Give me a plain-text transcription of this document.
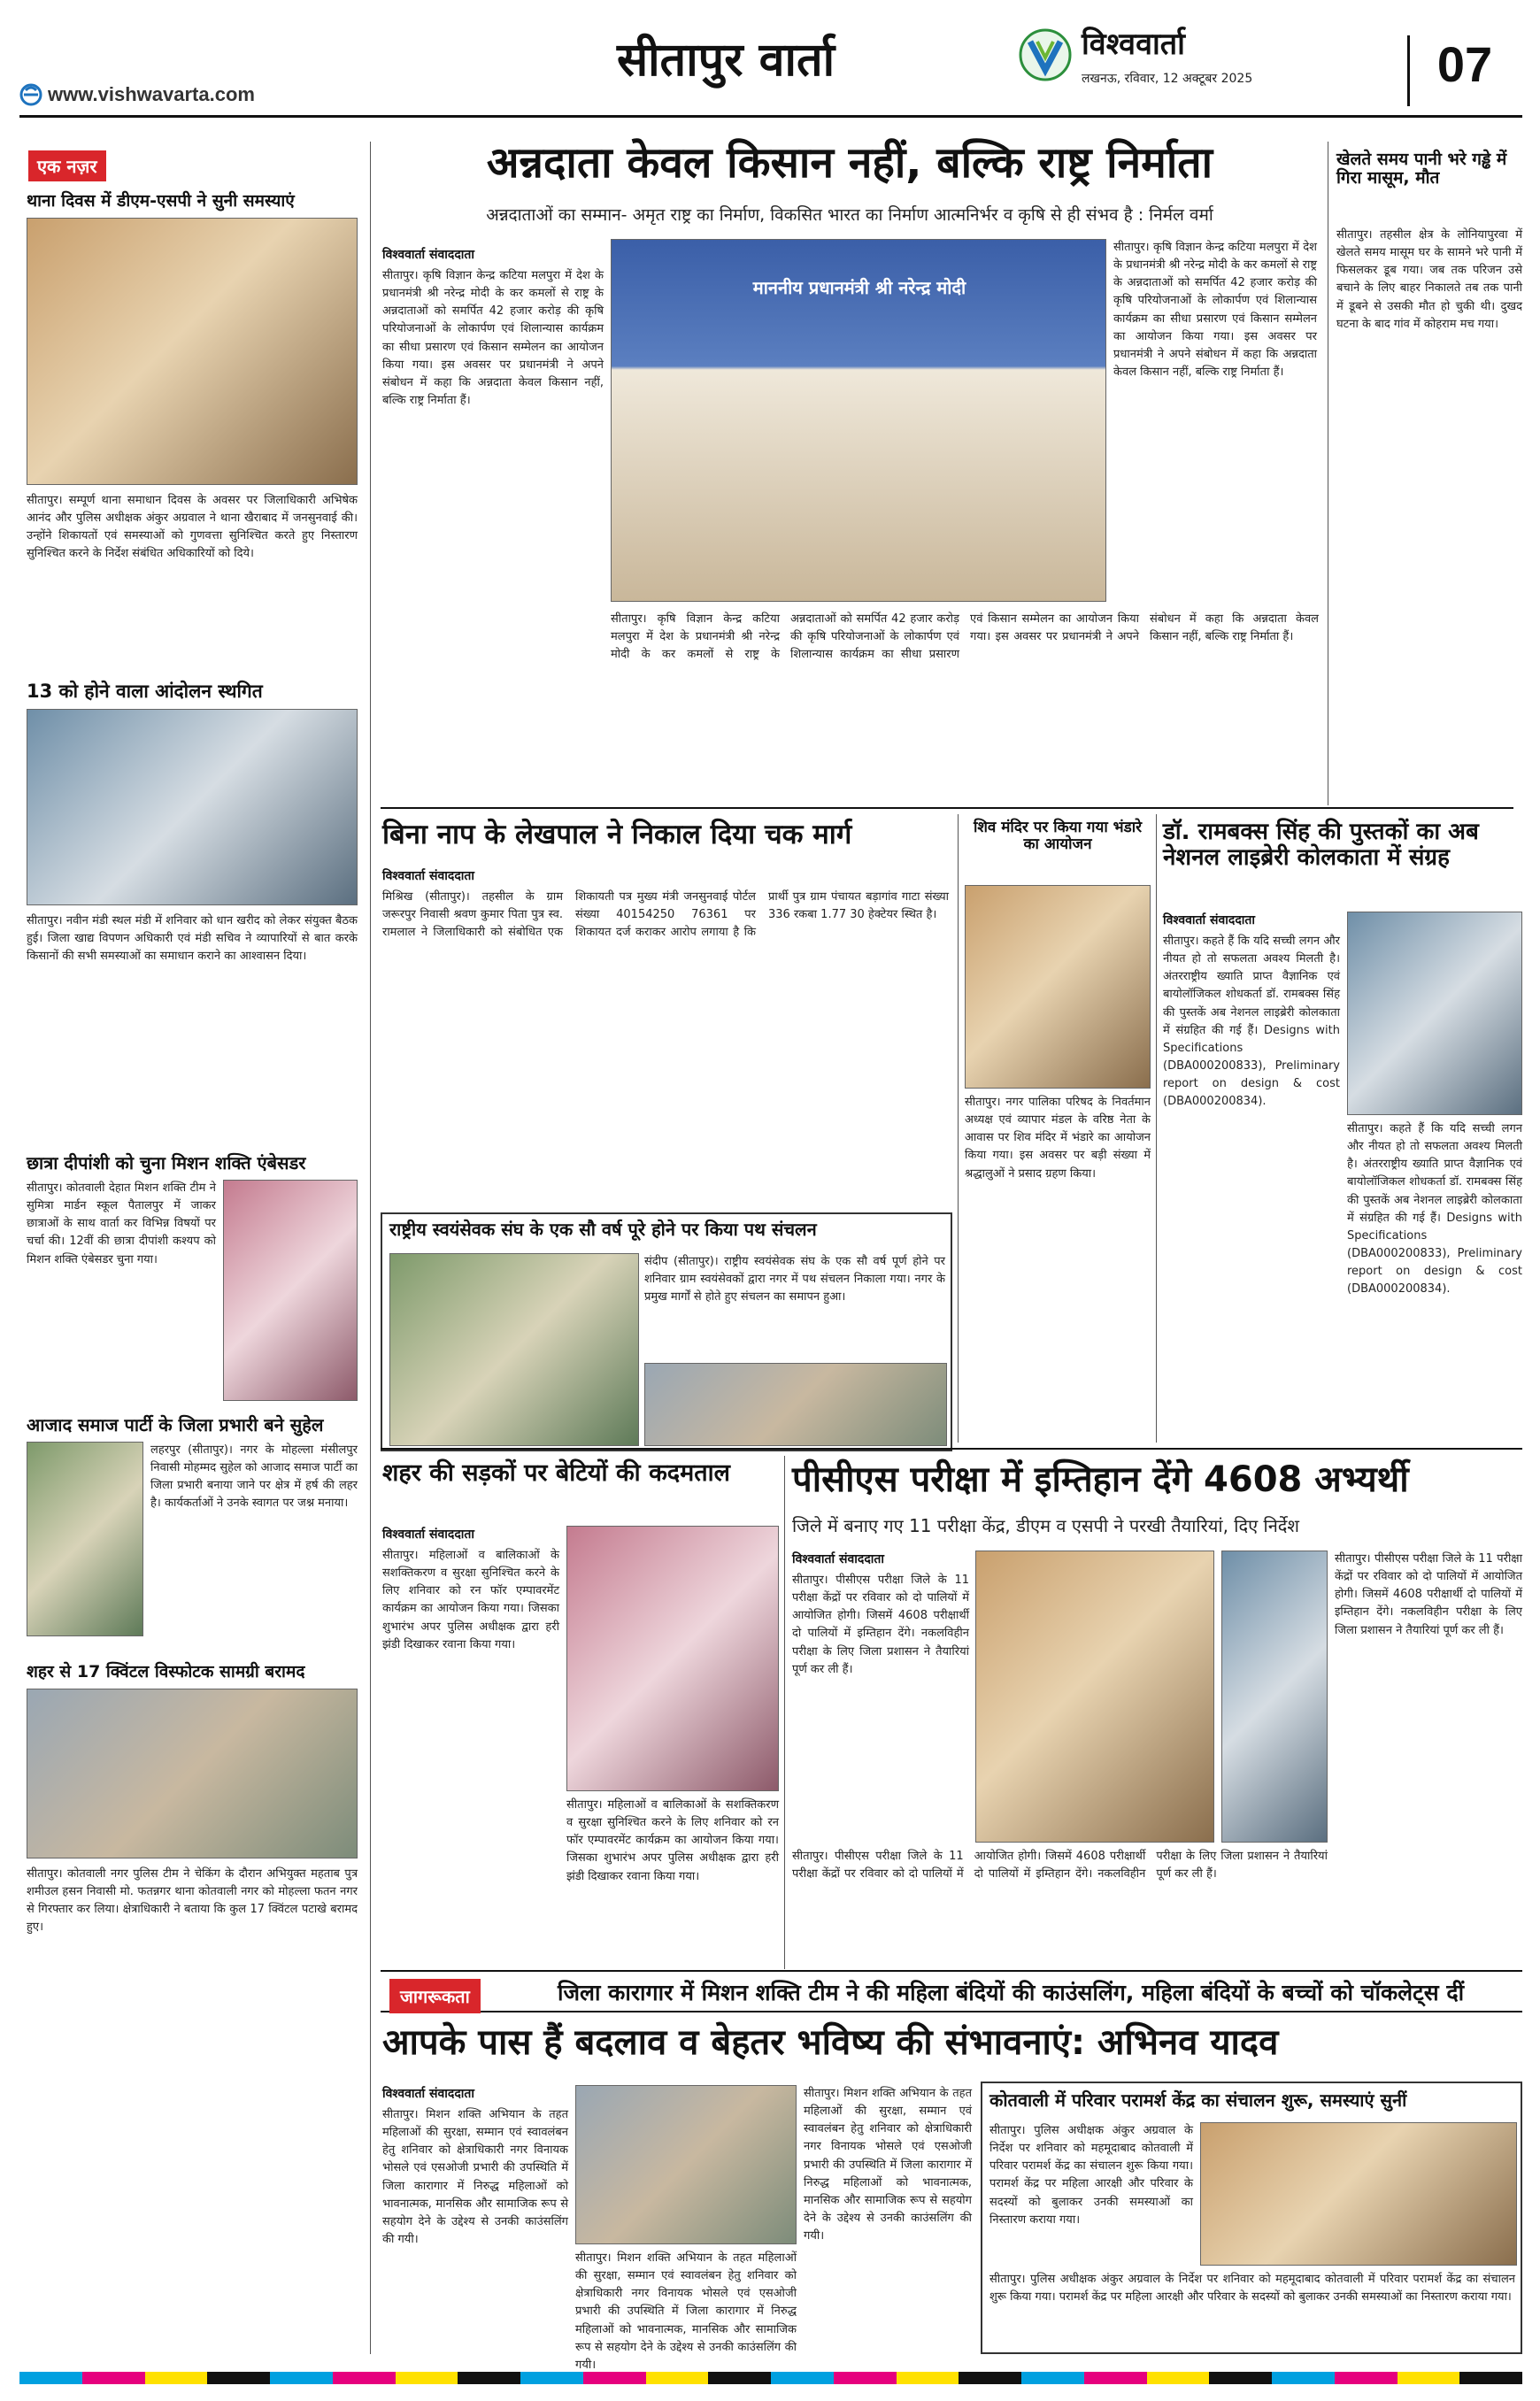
www.vishwavarta.com
सीतापुर वार्ता	विश्ववार्ता
लखनऊ, रविवार, 12 अक्टूबर 2025	07
एक नज़र
थाना दिवस में डीएम-एसपी ने सुनी समस्याएं
सीतापुर। सम्पूर्ण थाना समाधान दिवस के अवसर पर जिलाधिकारी अभिषेक आनंद और पुलिस अधीक्षक अंकुर अग्रवाल ने थाना खैराबाद में जनसुनवाई की। उन्होंने शिकायतों एवं समस्याओं को गुणवत्ता सुनिश्चित करते हुए निस्तारण सुनिश्चित करने के निर्देश संबंधित अधिकारियों को दिये।
13 को होने वाला आंदोलन स्थगित
सीतापुर। नवीन मंडी स्थल मंडी में शनिवार को धान खरीद को लेकर संयुक्त बैठक हुई। जिला खाद्य विपणन अधिकारी एवं मंडी सचिव ने व्यापारियों से बात करके किसानों की सभी समस्याओं का समाधान कराने का आश्वासन दिया।
छात्रा दीपांशी को चुना मिशन शक्ति एंबेसडर
सीतापुर। कोतवाली देहात मिशन शक्ति टीम ने सुमित्रा मार्डन स्कूल पैतालपुर में जाकर छात्राओं के साथ वार्ता कर विभिन्न विषयों पर चर्चा की। 12वीं की छात्रा दीपांशी कश्यप को मिशन शक्ति एंबेसडर चुना गया।
आजाद समाज पार्टी के जिला प्रभारी बने सुहेल
लहरपुर (सीतापुर)। नगर के मोहल्ला मंसीलपुर निवासी मोहम्मद सुहेल को आजाद समाज पार्टी का जिला प्रभारी बनाया जाने पर क्षेत्र में हर्ष की लहर है। कार्यकर्ताओं ने उनके स्वागत पर जश्न मनाया।
शहर से 17 क्विंटल विस्फोटक सामग्री बरामद
सीतापुर। कोतवाली नगर पुलिस टीम ने चेकिंग के दौरान अभियुक्त महताब पुत्र शमीउल हसन निवासी मो. फतन्नगर थाना कोतवाली नगर को मोहल्ला फतन नगर से गिरफ्तार कर लिया। क्षेत्राधिकारी ने बताया कि कुल 17 क्विंटल पटाखे बरामद हुए।
अन्नदाता केवल किसान नहीं, बल्कि राष्ट्र निर्माता
अन्नदाताओं का सम्मान- अमृत राष्ट्र का निर्माण, विकसित भारत का निर्माण आत्मनिर्भर व कृषि से ही संभव है : निर्मल वर्मा
विश्ववार्ता संवाददाता
सीतापुर। कृषि विज्ञान केन्द्र कटिया मलपुरा में देश के प्रधानमंत्री श्री नरेन्द्र मोदी के कर कमलों से राष्ट्र के अन्नदाताओं को समर्पित 42 हजार करोड़ की कृषि परियोजनाओं के लोकार्पण एवं शिलान्यास कार्यक्रम का सीधा प्रसारण एवं किसान सम्मेलन का आयोजन किया गया। इस अवसर पर प्रधानमंत्री ने अपने संबोधन में कहा कि अन्नदाता केवल किसान नहीं, बल्कि राष्ट्र निर्माता हैं।
माननीय प्रधानमंत्री श्री नरेन्द्र मोदी
सीतापुर। कृषि विज्ञान केन्द्र कटिया मलपुरा में देश के प्रधानमंत्री श्री नरेन्द्र मोदी के कर कमलों से राष्ट्र के अन्नदाताओं को समर्पित 42 हजार करोड़ की कृषि परियोजनाओं के लोकार्पण एवं शिलान्यास कार्यक्रम का सीधा प्रसारण एवं किसान सम्मेलन का आयोजन किया गया। इस अवसर पर प्रधानमंत्री ने अपने संबोधन में कहा कि अन्नदाता केवल किसान नहीं, बल्कि राष्ट्र निर्माता हैं।
सीतापुर। कृषि विज्ञान केन्द्र कटिया मलपुरा में देश के प्रधानमंत्री श्री नरेन्द्र मोदी के कर कमलों से राष्ट्र के अन्नदाताओं को समर्पित 42 हजार करोड़ की कृषि परियोजनाओं के लोकार्पण एवं शिलान्यास कार्यक्रम का सीधा प्रसारण एवं किसान सम्मेलन का आयोजन किया गया। इस अवसर पर प्रधानमंत्री ने अपने संबोधन में कहा कि अन्नदाता केवल किसान नहीं, बल्कि राष्ट्र निर्माता हैं।
खेलते समय पानी भरे गड्ढे में गिरा मासूम, मौत
सीतापुर। तहसील क्षेत्र के लोनियापुरवा में खेलते समय मासूम घर के सामने भरे पानी में फिसलकर डूब गया। जब तक परिजन उसे बचाने के लिए बाहर निकालते तब तक पानी में डूबने से उसकी मौत हो चुकी थी। दुखद घटना के बाद गांव में कोहराम मच गया।
बिना नाप के लेखपाल ने निकाल दिया चक मार्ग
विश्ववार्ता संवाददाता
मिश्रिख (सीतापुर)। तहसील के ग्राम जरूरपुर निवासी श्रवण कुमार पिता पुत्र स्व. रामलाल ने जिलाधिकारी को संबोधित एक शिकायती पत्र मुख्य मंत्री जनसुनवाई पोर्टल संख्या 40154250 76361 पर शिकायत दर्ज कराकर आरोप लगाया है कि प्रार्थी पुत्र ग्राम पंचायत बड़ागांव गाटा संख्या 336 रकबा 1.77 30 हेक्टेयर स्थित है।
शिव मंदिर पर किया गया भंडारे का आयोजन
सीतापुर। नगर पालिका परिषद के निवर्तमान अध्यक्ष एवं व्यापार मंडल के वरिष्ठ नेता के आवास पर शिव मंदिर में भंडारे का आयोजन किया गया। इस अवसर पर बड़ी संख्या में श्रद्धालुओं ने प्रसाद ग्रहण किया।
डॉ. रामबक्स सिंह की पुस्तकों का अब नेशनल लाइब्रेरी कोलकाता में संग्रह
विश्ववार्ता संवाददाता
सीतापुर। कहते हैं कि यदि सच्ची लगन और नीयत हो तो सफलता अवश्य मिलती है। अंतरराष्ट्रीय ख्याति प्राप्त वैज्ञानिक एवं बायोलॉजिकल शोधकर्ता डॉ. रामबक्स सिंह की पुस्तकें अब नेशनल लाइब्रेरी कोलकाता में संग्रहित की गई हैं। Designs with Specifications (DBA000200833), Preliminary report on design & cost (DBA000200834).
सीतापुर। कहते हैं कि यदि सच्ची लगन और नीयत हो तो सफलता अवश्य मिलती है। अंतरराष्ट्रीय ख्याति प्राप्त वैज्ञानिक एवं बायोलॉजिकल शोधकर्ता डॉ. रामबक्स सिंह की पुस्तकें अब नेशनल लाइब्रेरी कोलकाता में संग्रहित की गई हैं। Designs with Specifications (DBA000200833), Preliminary report on design & cost (DBA000200834).
राष्ट्रीय स्वयंसेवक संघ के एक सौ वर्ष पूरे होने पर किया पथ संचलन
संदीप (सीतापुर)। राष्ट्रीय स्वयंसेवक संघ के एक सौ वर्ष पूर्ण होने पर शनिवार ग्राम स्वयंसेवकों द्वारा नगर में पथ संचलन निकाला गया। नगर के प्रमुख मार्गों से होते हुए संचलन का समापन हुआ।
शहर की सड़कों पर बेटियों की कदमताल
विश्ववार्ता संवाददाता
सीतापुर। महिलाओं व बालिकाओं के सशक्तिकरण व सुरक्षा सुनिश्चित करने के लिए शनिवार को रन फॉर एम्पावरमेंट कार्यक्रम का आयोजन किया गया। जिसका शुभारंभ अपर पुलिस अधीक्षक द्वारा हरी झंडी दिखाकर रवाना किया गया।
सीतापुर। महिलाओं व बालिकाओं के सशक्तिकरण व सुरक्षा सुनिश्चित करने के लिए शनिवार को रन फॉर एम्पावरमेंट कार्यक्रम का आयोजन किया गया। जिसका शुभारंभ अपर पुलिस अधीक्षक द्वारा हरी झंडी दिखाकर रवाना किया गया।
पीसीएस परीक्षा में इम्तिहान देंगे 4608 अभ्यर्थी
जिले में बनाए गए 11 परीक्षा केंद्र, डीएम व एसपी ने परखी तैयारियां, दिए निर्देश
विश्ववार्ता संवाददाता
सीतापुर। पीसीएस परीक्षा जिले के 11 परीक्षा केंद्रों पर रविवार को दो पालियों में आयोजित होगी। जिसमें 4608 परीक्षार्थी दो पालियों में इम्तिहान देंगे। नकलविहीन परीक्षा के लिए जिला प्रशासन ने तैयारियां पूर्ण कर ली हैं।
सीतापुर। पीसीएस परीक्षा जिले के 11 परीक्षा केंद्रों पर रविवार को दो पालियों में आयोजित होगी। जिसमें 4608 परीक्षार्थी दो पालियों में इम्तिहान देंगे। नकलविहीन परीक्षा के लिए जिला प्रशासन ने तैयारियां पूर्ण कर ली हैं।
सीतापुर। पीसीएस परीक्षा जिले के 11 परीक्षा केंद्रों पर रविवार को दो पालियों में आयोजित होगी। जिसमें 4608 परीक्षार्थी दो पालियों में इम्तिहान देंगे। नकलविहीन परीक्षा के लिए जिला प्रशासन ने तैयारियां पूर्ण कर ली हैं।
जागरूकता	जिला कारागार में मिशन शक्ति टीम ने की महिला बंदियों की काउंसलिंग, महिला बंदियों के बच्चों को चॉकलेट्स दीं
आपके पास हैं बदलाव व बेहतर भविष्य की संभावनाएं: अभिनव यादव
विश्ववार्ता संवाददाता
सीतापुर। मिशन शक्ति अभियान के तहत महिलाओं की सुरक्षा, सम्मान एवं स्वावलंबन हेतु शनिवार को क्षेत्राधिकारी नगर विनायक भोसले एवं एसओजी प्रभारी की उपस्थिति में जिला कारागार में निरुद्ध महिलाओं को भावनात्मक, मानसिक और सामाजिक रूप से सहयोग देने के उद्देश्य से उनकी काउंसलिंग की गयी।
सीतापुर। मिशन शक्ति अभियान के तहत महिलाओं की सुरक्षा, सम्मान एवं स्वावलंबन हेतु शनिवार को क्षेत्राधिकारी नगर विनायक भोसले एवं एसओजी प्रभारी की उपस्थिति में जिला कारागार में निरुद्ध महिलाओं को भावनात्मक, मानसिक और सामाजिक रूप से सहयोग देने के उद्देश्य से उनकी काउंसलिंग की गयी।
सीतापुर। मिशन शक्ति अभियान के तहत महिलाओं की सुरक्षा, सम्मान एवं स्वावलंबन हेतु शनिवार को क्षेत्राधिकारी नगर विनायक भोसले एवं एसओजी प्रभारी की उपस्थिति में जिला कारागार में निरुद्ध महिलाओं को भावनात्मक, मानसिक और सामाजिक रूप से सहयोग देने के उद्देश्य से उनकी काउंसलिंग की गयी।
कोतवाली में परिवार परामर्श केंद्र का संचालन शुरू, समस्याएं सुनीं
सीतापुर। पुलिस अधीक्षक अंकुर अग्रवाल के निर्देश पर शनिवार को महमूदाबाद कोतवाली में परिवार परामर्श केंद्र का संचालन शुरू किया गया। परामर्श केंद्र पर महिला आरक्षी और परिवार के सदस्यों को बुलाकर उनकी समस्याओं का निस्तारण कराया गया।
सीतापुर। पुलिस अधीक्षक अंकुर अग्रवाल के निर्देश पर शनिवार को महमूदाबाद कोतवाली में परिवार परामर्श केंद्र का संचालन शुरू किया गया। परामर्श केंद्र पर महिला आरक्षी और परिवार के सदस्यों को बुलाकर उनकी समस्याओं का निस्तारण कराया गया।
